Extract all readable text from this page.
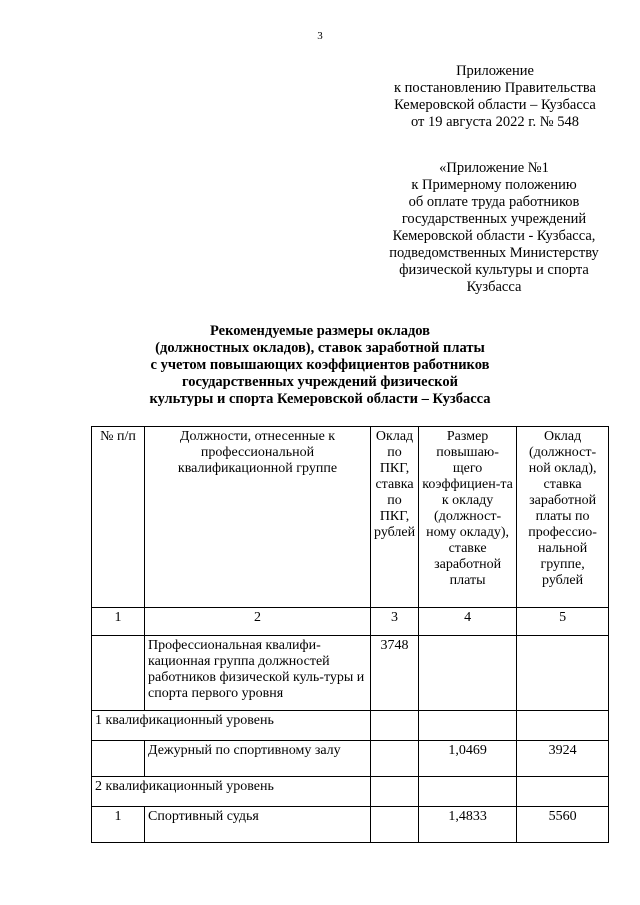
3
Приложение
к постановлению Правительства
Кемеровской области – Кузбасса
от 19 августа 2022 г. № 548
«Приложение №1
к Примерному положению
об оплате труда работников
государственных учреждений
Кемеровской области - Кузбасса,
подведомственных Министерству
физической культуры и спорта
Кузбасса
Рекомендуемые размеры окладов
(должностных окладов), ставок заработной платы
с учетом повышающих коэффициентов работников
государственных учреждений физической
культуры и спорта Кемеровской области – Кузбасса
№ п/п	Должности, отнесенные к профессиональной квалификационной группе	Оклад по ПКГ, ставка по ПКГ, рублей	Размер повышаю-щего коэффициен-та к окладу (должност-ному окладу), ставке заработной платы	Оклад (должност-ной оклад), ставка заработной платы по профессио-нальной группе, рублей
1	2	3	4	5
	Профессиональная квалифи-кационная группа должностей работников физической куль-туры и спорта первого уровня	3748		
1 квалификационный уровень				
	Дежурный по спортивному залу		1,0469	3924
2 квалификационный уровень				
1	Спортивный судья		1,4833	5560
